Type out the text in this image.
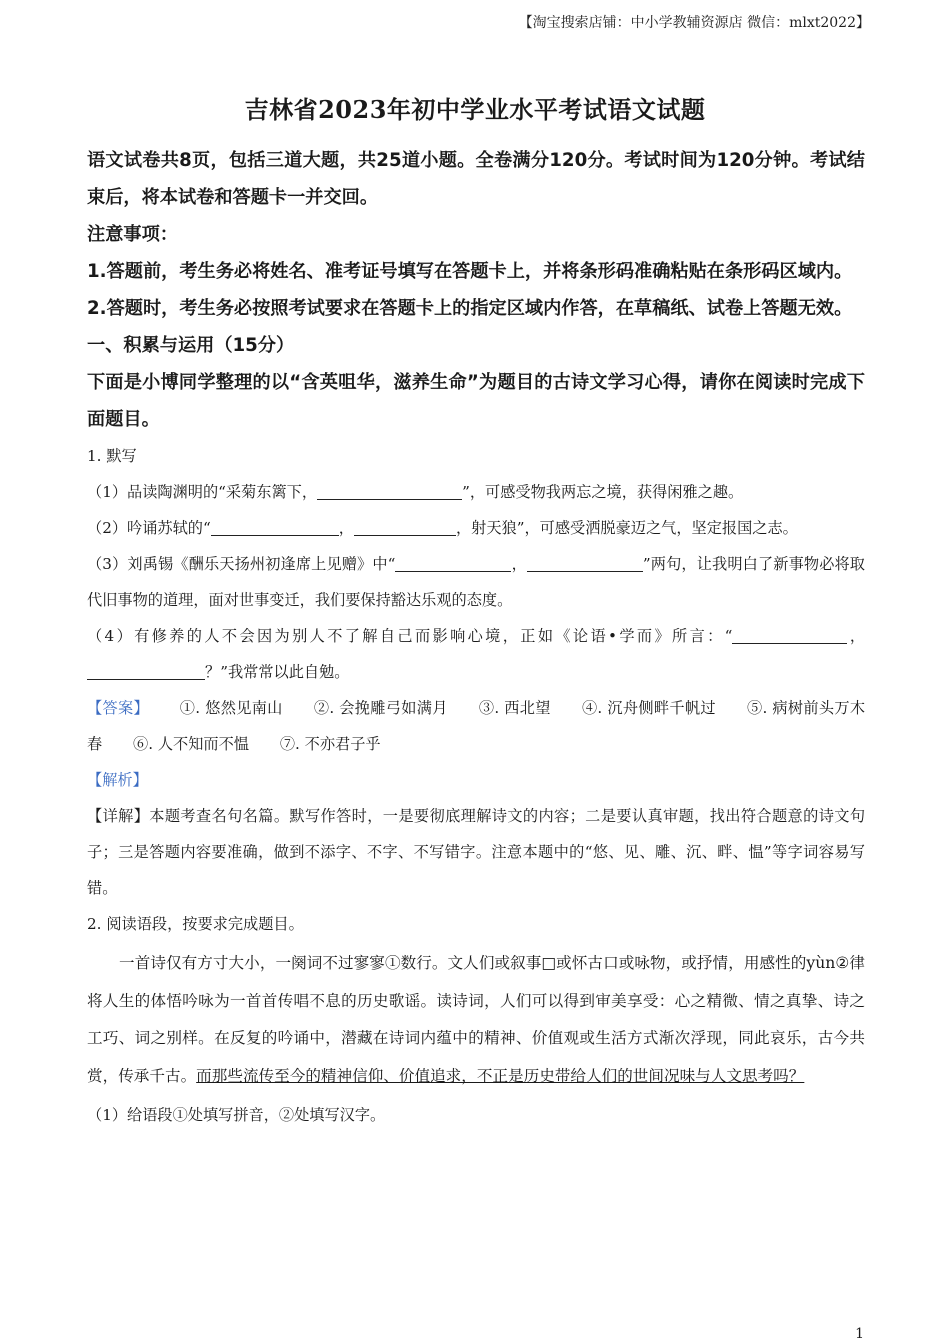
【淘宝搜索店铺：中小学教辅资源店 微信：mlxt2022】
吉林省2023年初中学业水平考试语文试题

语文试卷共8页，包括三道大题，共25道小题。全卷满分120分。考试时间为120分钟。考试结束后，将本试卷和答题卡一并交回。

注意事项：

1.答题前，考生务必将姓名、准考证号填写在答题卡上，并将条形码准确粘贴在条形码区域内。

2.答题时，考生务必按照考试要求在答题卡上的指定区域内作答，在草稿纸、试卷上答题无效。

一、积累与运用（15分）

下面是小博同学整理的以“含英咀华，滋养生命”为题目的古诗文学习心得，请你在阅读时完成下面题目。

1. 默写

（1）品读陶渊明的“采菊东篱下，	”，可感受物我两忘之境，获得闲雅之趣。

（2）吟诵苏轼的“	，	，射天狼”，可感受洒脱豪迈之气，坚定报国之志。

（3）刘禹锡《酬乐天扬州初逢席上见赠》中“	，	”两句，让我明白了新事物必将取代旧事物的道理，面对世事变迁，我们要保持豁达乐观的态度。

（4）有修养的人不会因为别人不了解自己而影响心境，正如《论语•学而》所言：“	，？”我常常以此自勉。

【答案】 ①. 悠然见南山 ②. 会挽雕弓如满月 ③. 西北望 ④. 沉舟侧畔千帆过 ⑤. 病树前头万木春 ⑥. 人不知而不愠 ⑦. 不亦君子乎

【解析】

【详解】本题考查名句名篇。默写作答时，一是要彻底理解诗文的内容；二是要认真审题，找出符合题意的诗文句子；三是答题内容要准确，做到不添字、不字、不写错字。注意本题中的“悠、见、雕、沉、畔、愠”等字词容易写错。

2. 阅读语段，按要求完成题目。

一首诗仅有方寸大小，一阕词不过寥寥①数行。文人们或叙事□或怀古口或咏物，或抒情，用感性的yùn②律将人生的体悟吟咏为一首首传唱不息的历史歌谣。读诗词，人们可以得到审美享受：心之精微、情之真挚、诗之工巧、词之别样。在反复的吟诵中，潜藏在诗词内蕴中的精神、价值观或生活方式渐次浮现，同此哀乐，古今共赏，传承千古。而那些流传至今的精神信仰、价值追求，不正是历史带给人们的世间况味与人文思考吗？

（1）给语段①处填写拼音，②处填写汉字。

1
